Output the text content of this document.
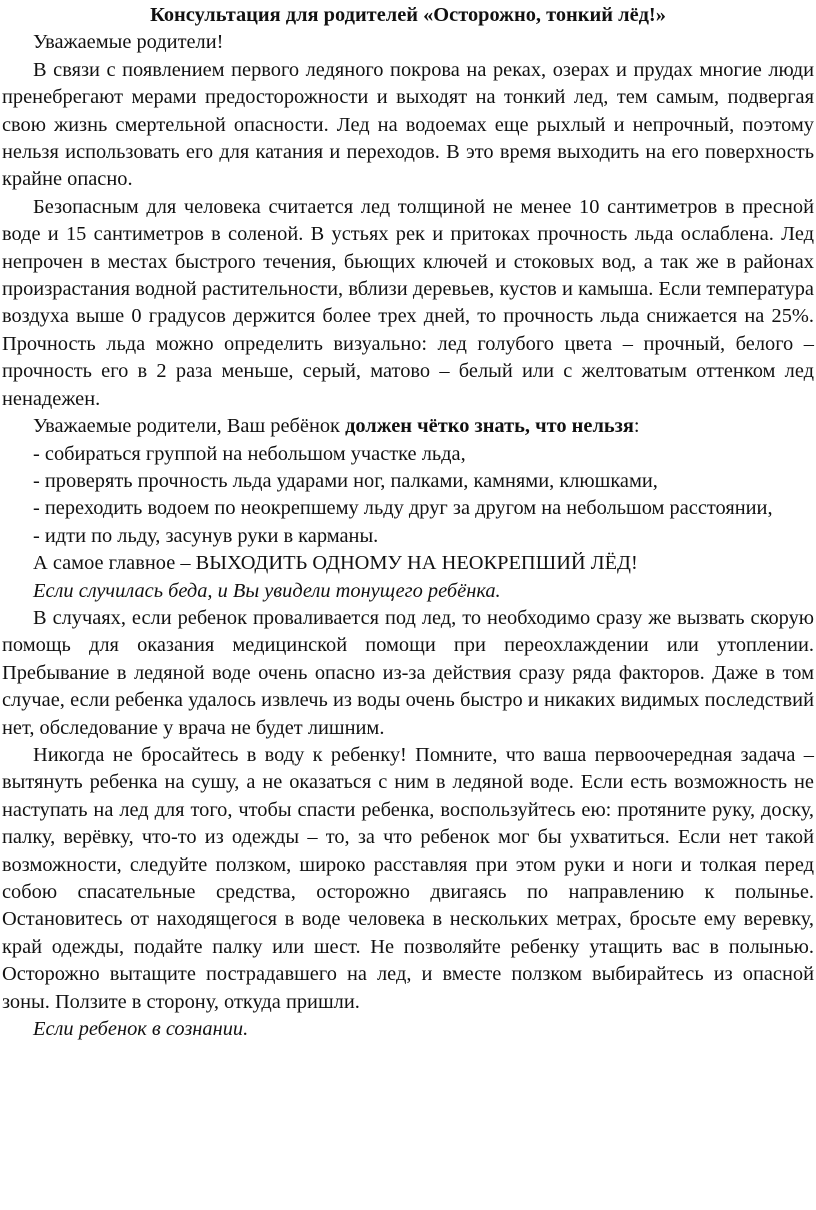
Консультация для родителей «Осторожно, тонкий лёд!»

Уважаемые родители!

В связи с появлением первого ледяного покрова на реках, озерах и прудах многие люди пренебрегают мерами предосторожности и выходят на тонкий лед, тем самым, подвергая свою жизнь смертельной опасности. Лед на водоемах еще рыхлый и непрочный, поэтому нельзя использовать его для катания и переходов. В это время выходить на его поверхность крайне опасно.

Безопасным для человека считается лед толщиной не менее 10 сантиметров в пресной воде и 15 сантиметров в соленой. В устьях рек и притоках прочность льда ослаблена. Лед непрочен в местах быстрого течения, бьющих ключей и стоковых вод, а так же в районах произрастания водной растительности, вблизи деревьев, кустов и камыша. Если температура воздуха выше 0 градусов держится более трех дней, то прочность льда снижается на 25%. Прочность льда можно определить визуально: лед голубого цвета – прочный, белого – прочность его в 2 раза меньше, серый, матово – белый или с желтоватым оттенком лед ненадежен.

Уважаемые родители, Ваш ребёнок должен чётко знать, что нельзя:

- собираться группой на небольшом участке льда,

- проверять прочность льда ударами ног, палками, камнями, клюшками,

- переходить водоем по неокрепшему льду друг за другом на небольшом расстоянии,

- идти по льду, засунув руки в карманы.

А самое главное – ВЫХОДИТЬ ОДНОМУ НА НЕОКРЕПШИЙ ЛЁД!

Если случилась беда, и Вы увидели тонущего ребёнка.

В случаях, если ребенок проваливается под лед, то необходимо сразу же вызвать скорую помощь для оказания медицинской помощи при переохлаждении или утоплении. Пребывание в ледяной воде очень опасно из-за действия сразу ряда факторов. Даже в том случае, если ребенка удалось извлечь из воды очень быстро и никаких видимых последствий нет, обследование у врача не будет лишним.

Никогда не бросайтесь в воду к ребенку! Помните, что ваша первоочередная задача – вытянуть ребенка на сушу, а не оказаться с ним в ледяной воде. Если есть возможность не наступать на лед для того, чтобы спасти ребенка, воспользуйтесь ею: протяните руку, доску, палку, верёвку, что-то из одежды – то, за что ребенок мог бы ухватиться. Если нет такой возможности, следуйте ползком, широко расставляя при этом руки и ноги и толкая перед собою спасательные средства, осторожно двигаясь по направлению к полынье. Остановитесь от находящегося в воде человека в нескольких метрах, бросьте ему веревку, край одежды, подайте палку или шест. Не позволяйте ребенку утащить вас в полынью. Осторожно вытащите пострадавшего на лед, и вместе ползком выбирайтесь из опасной зоны. Ползите в сторону, откуда пришли.

Если ребенок в сознании.
